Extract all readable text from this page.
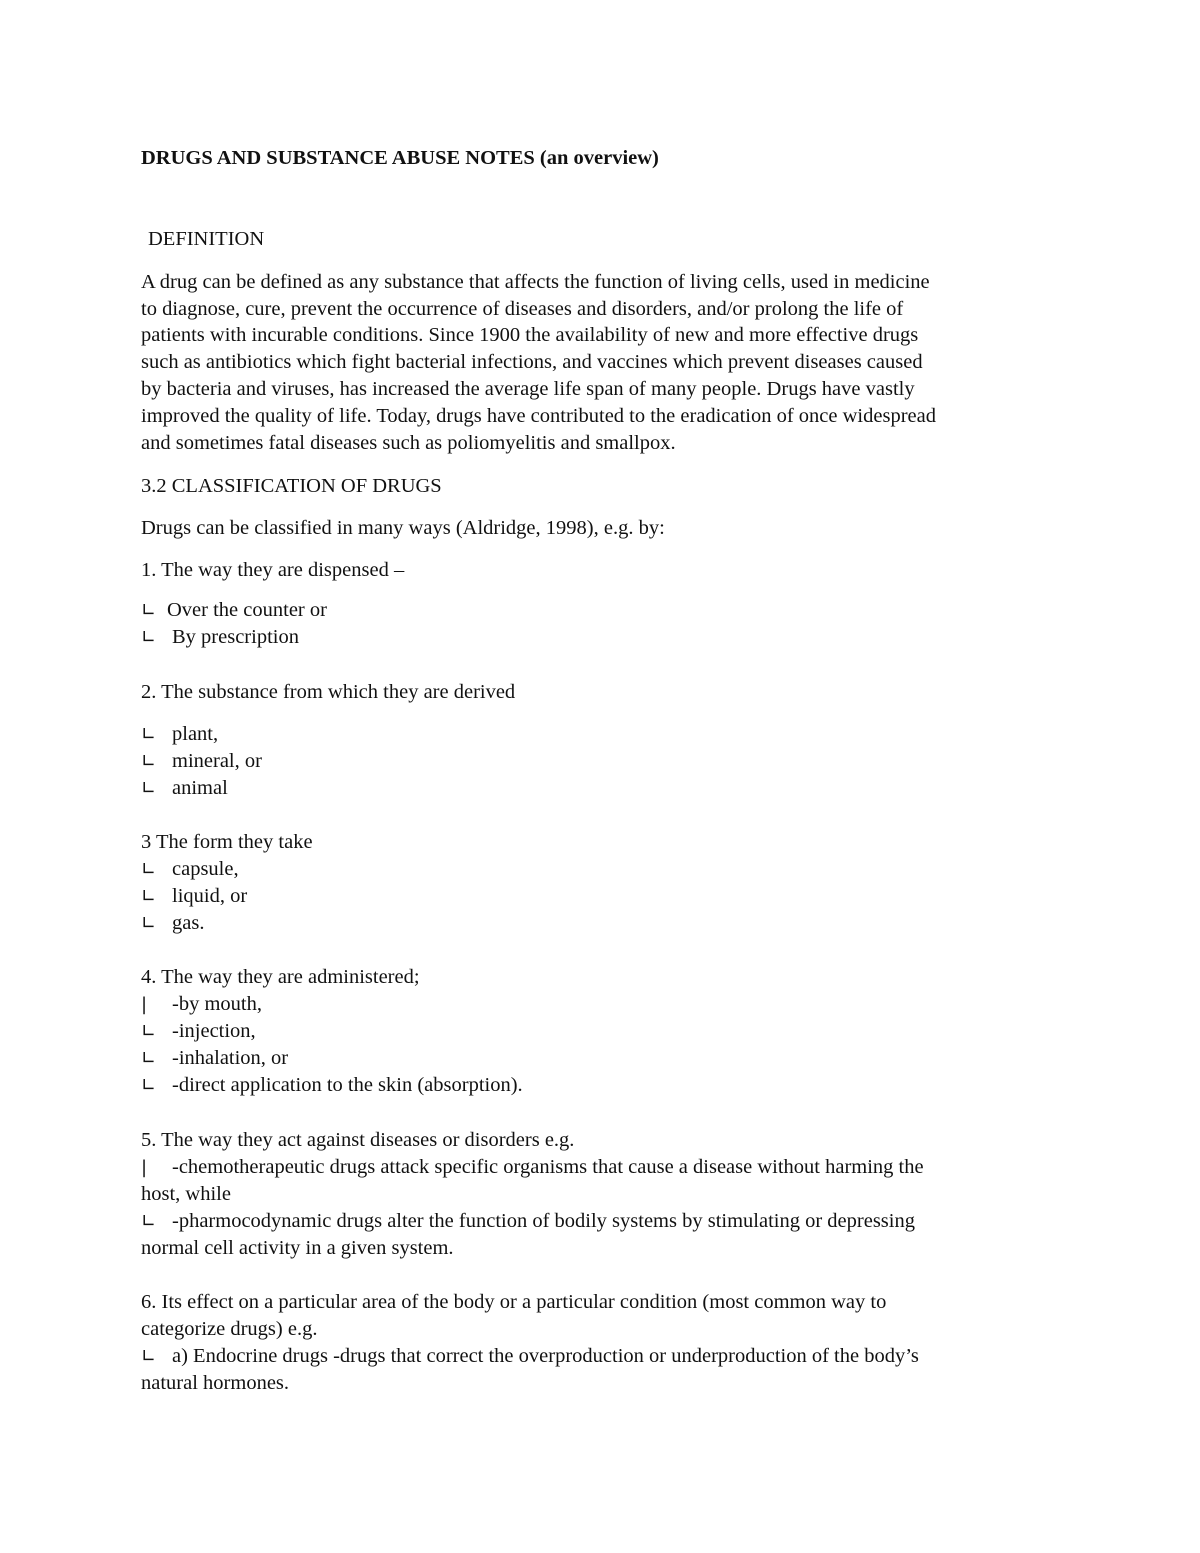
DRUGS AND SUBSTANCE ABUSE NOTES (an overview)
DEFINITION
A drug can be defined as any substance that affects the function of living cells, used in medicine
to diagnose, cure, prevent the occurrence of diseases and disorders, and/or prolong the life of
patients with incurable conditions. Since 1900 the availability of new and more effective drugs
such as antibiotics which fight bacterial infections, and vaccines which prevent diseases caused
by bacteria and viruses, has increased the average life span of many people. Drugs have vastly
improved the quality of life. Today, drugs have contributed to the eradication of once widespread
and sometimes fatal diseases such as poliomyelitis and smallpox.
3.2 CLASSIFICATION OF DRUGS
Drugs can be classified in many ways (Aldridge, 1998), e.g. by:
1. The way they are dispensed –
∟ Over the counter or
∟ By prescription
2. The substance from which they are derived
∟ plant,
∟ mineral, or
∟ animal
3 The form they take
∟ capsule,
∟ liquid, or
∟ gas.
4. The way they are administered;
| -by mouth,
∟ -injection,
∟ -inhalation, or
∟ -direct application to the skin (absorption).
5. The way they act against diseases or disorders e.g.
| -chemotherapeutic drugs attack specific organisms that cause a disease without harming the
host, while
∟ -pharmocodynamic drugs alter the function of bodily systems by stimulating or depressing
normal cell activity in a given system.
6. Its effect on a particular area of the body or a particular condition (most common way to
categorize drugs) e.g.
∟ a) Endocrine drugs -drugs that correct the overproduction or underproduction of the body’s
natural hormones.
